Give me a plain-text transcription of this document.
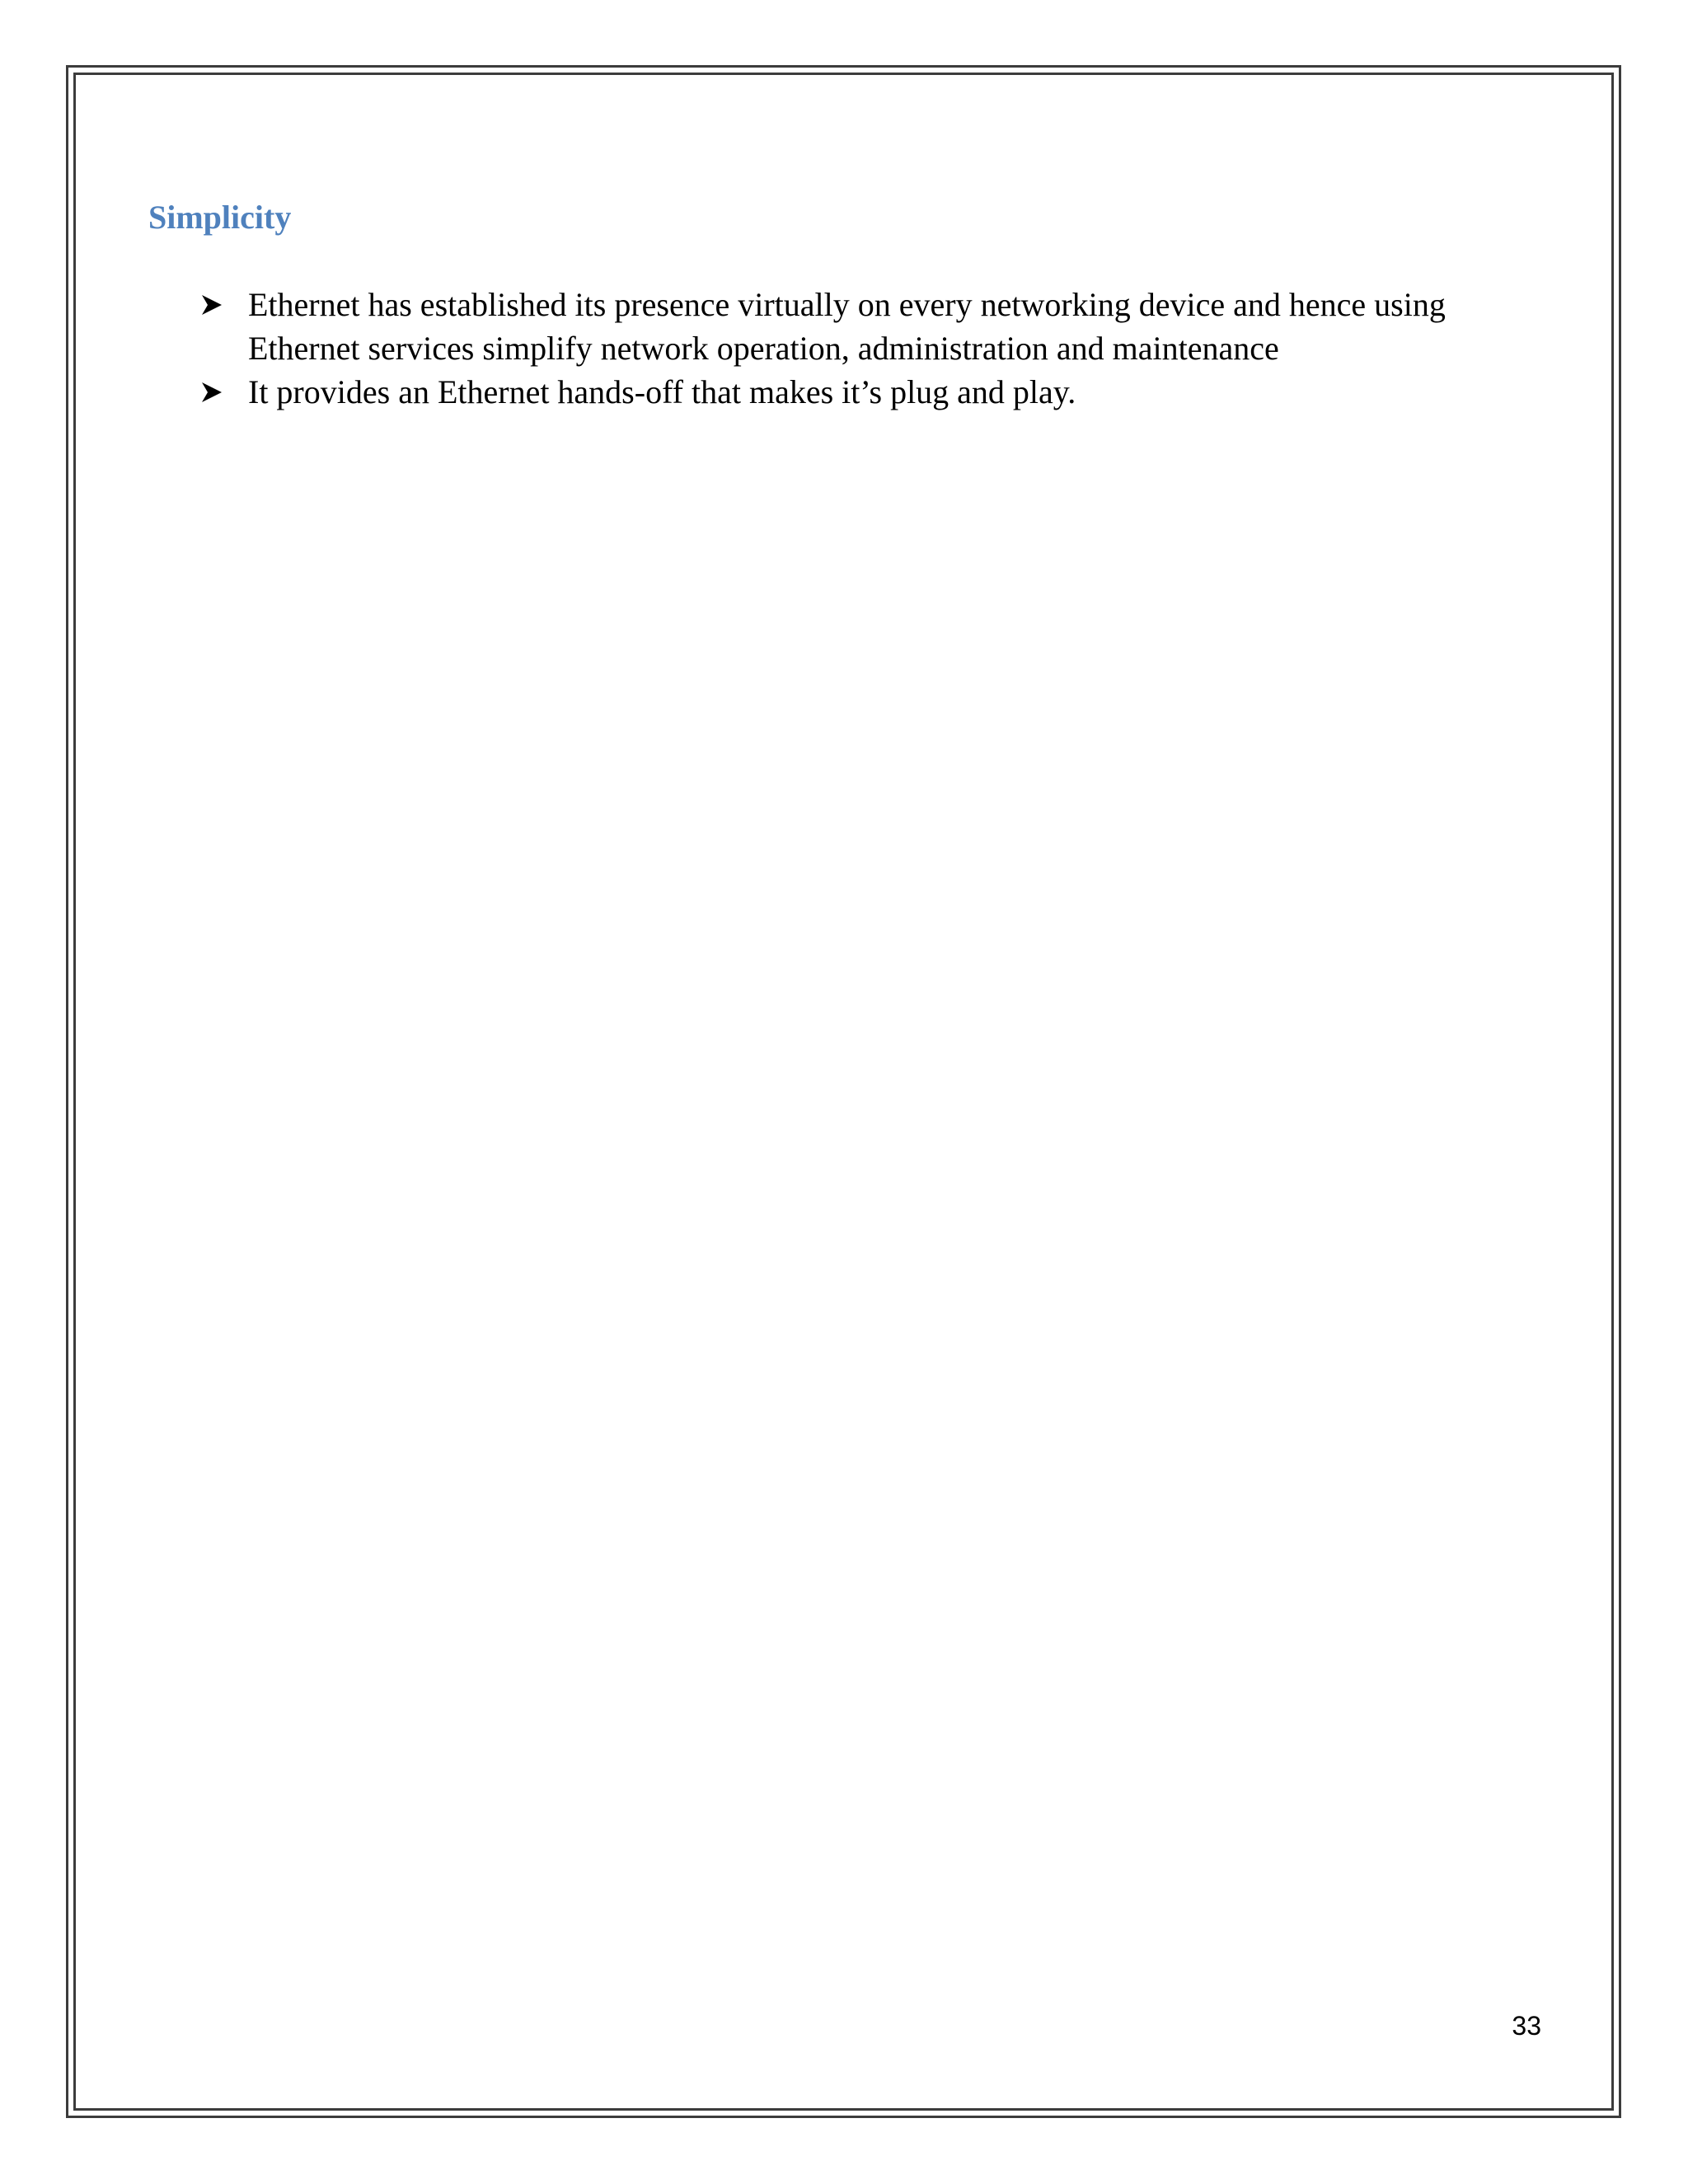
Simplicity
Ethernet has established its presence virtually on every networking device and hence using Ethernet services simplify network operation, administration and maintenance
It provides an Ethernet hands-off that makes it’s plug and play.

33
